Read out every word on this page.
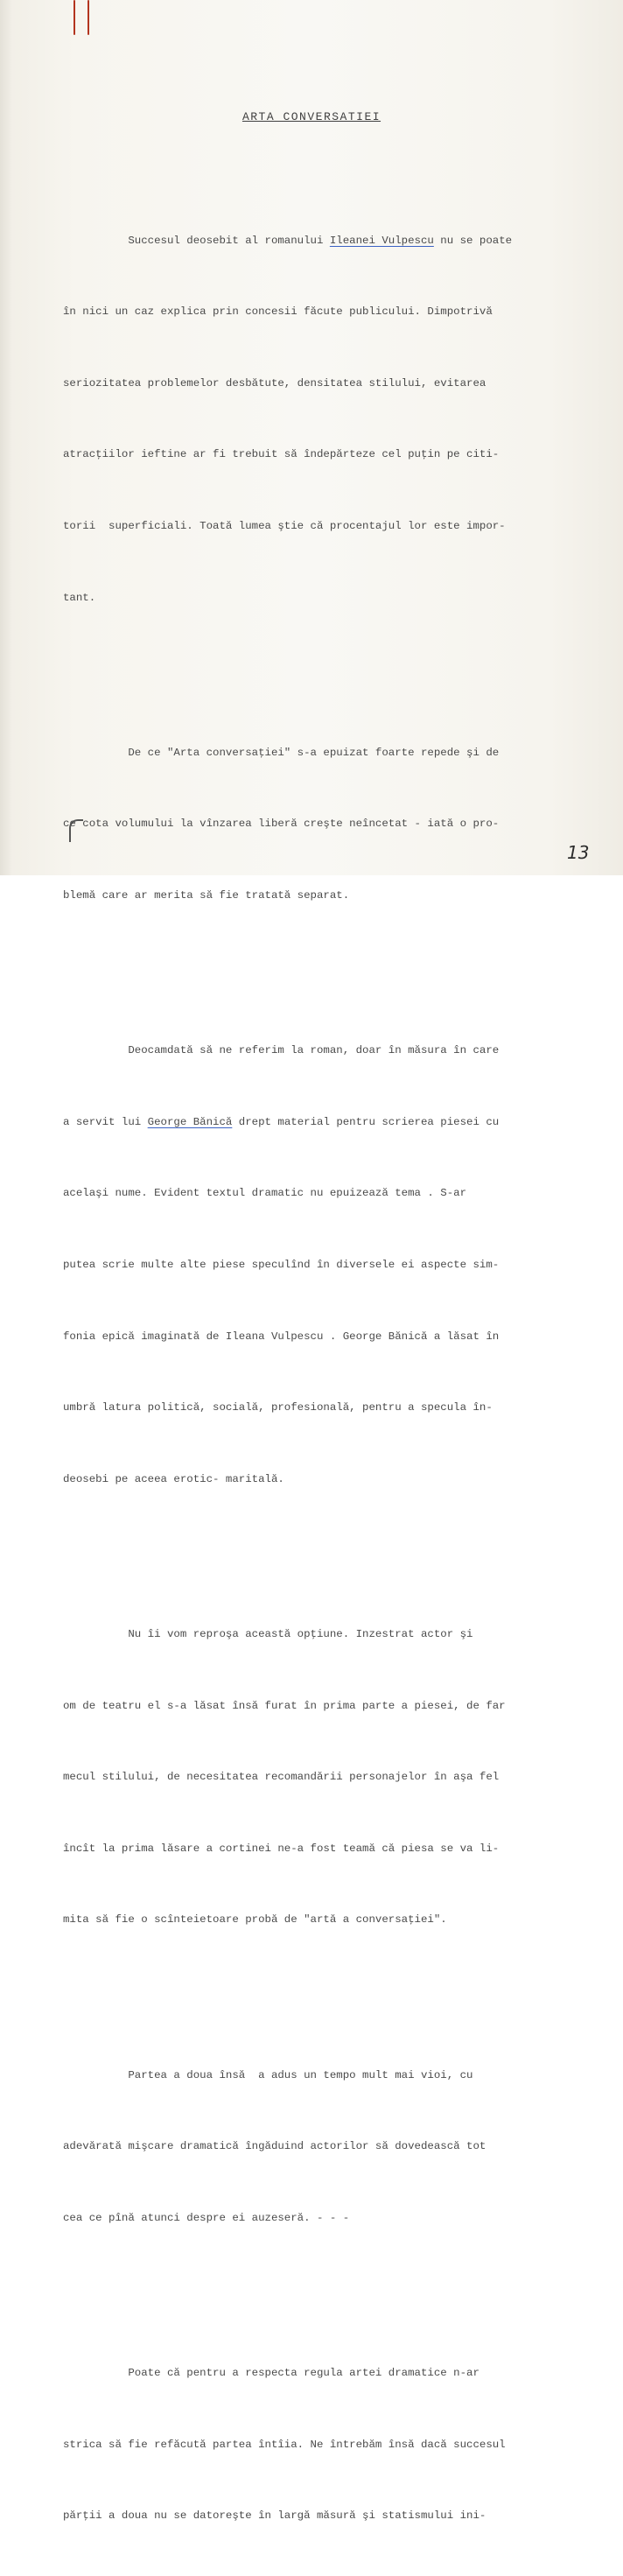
ARTA CONVERSATIEI

Succesul deosebit al romanului Ileanei Vulpescu nu se poate

în nici un caz explica prin concesii făcute publicului. Dimpotrivă

seriozitatea problemelor desbătute, densitatea stilului, evitarea

atracţiilor ieftine ar fi trebuit să îndepărteze cel puţin pe citi-

torii  superficiali. Toată lumea ştie că procentajul lor este impor-

tant.

De ce "Arta conversaţiei" s-a epuizat foarte repede şi de

ce cota volumului la vînzarea liberă creşte neîncetat - iată o pro-

blemă care ar merita să fie tratată separat.

Deocamdată să ne referim la roman, doar în măsura în care

a servit lui George Bănică drept material pentru scrierea piesei cu

acelaşi nume. Evident textul dramatic nu epuizează tema . S-ar

putea scrie multe alte piese speculînd în diversele ei aspecte sim-

fonia epică imaginată de Ileana Vulpescu . George Bănică a lăsat în

umbră latura politică, socială, profesională, pentru a specula în-

deosebi pe aceea erotic- maritală.

Nu îi vom reproşa această opţiune. Inzestrat actor şi

om de teatru el s-a lăsat însă furat în prima parte a piesei, de far

mecul stilului, de necesitatea recomandării personajelor în aşa fel

încît la prima lăsare a cortinei ne-a fost teamă că piesa se va li-

mita să fie o scînteietoare probă de "artă a conversaţiei".

Partea a doua însă  a adus un tempo mult mai vioi, cu

adevărată mişcare dramatică îngăduind actorilor să dovedească tot

cea ce pînă atunci despre ei auzeseră. - - -

Poate că pentru a respecta regula artei dramatice n-ar

strica să fie refăcută partea întîia. Ne întrebăm însă dacă succesul

părţii a doua nu se datoreşte în largă măsură şi statismului ini-

13
